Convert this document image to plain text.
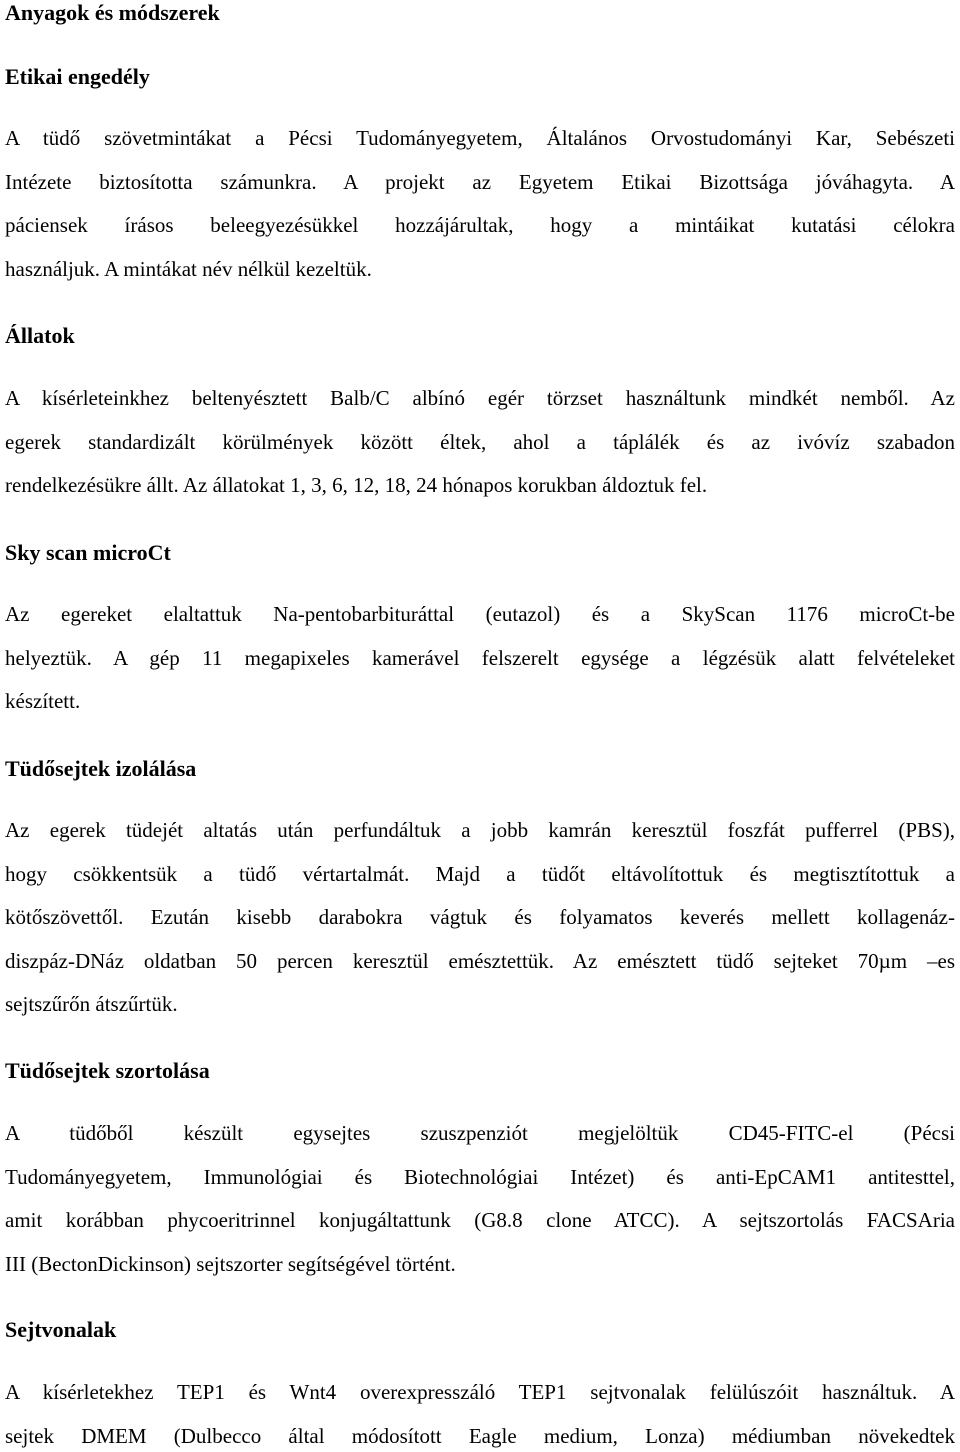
Anyagok és módszerek
Etikai engedély
A tüdő szövetmintákat a Pécsi Tudományegyetem, Általános Orvostudományi Kar, Sebészeti
Intézete biztosította számunkra. A projekt az Egyetem Etikai Bizottsága jóváhagyta. A
páciensek írásos beleegyezésükkel hozzájárultak, hogy a mintáikat kutatási célokra
használjuk. A mintákat név nélkül kezeltük.
Állatok
A kísérleteinkhez beltenyésztett Balb/C albínó egér törzset használtunk mindkét nemből. Az
egerek standardizált körülmények között éltek, ahol a táplálék és az ivóvíz szabadon
rendelkezésükre állt. Az állatokat 1, 3, 6, 12, 18, 24 hónapos korukban áldoztuk fel.
Sky scan microCt
Az egereket elaltattuk Na-pentobarbituráttal (eutazol) és a SkyScan 1176 microCt-be
helyeztük. A gép 11 megapixeles kamerável felszerelt egysége a légzésük alatt felvételeket
készített.
Tüdősejtek izolálása
Az egerek tüdejét altatás után perfundáltuk a jobb kamrán keresztül foszfát pufferrel (PBS),
hogy csökkentsük a tüdő vértartalmát. Majd a tüdőt eltávolítottuk és megtisztítottuk a
kötőszövettől. Ezután kisebb darabokra vágtuk és folyamatos keverés mellett kollagenáz-
diszpáz-DNáz oldatban 50 percen keresztül emésztettük. Az emésztett tüdő sejteket 70µm –es
sejtszűrőn átszűrtük.
Tüdősejtek szortolása
A tüdőből készült egysejtes szuszpenziót megjelöltük CD45-FITC-el (Pécsi
Tudományegyetem, Immunológiai és Biotechnológiai Intézet) és anti-EpCAM1 antitesttel,
amit korábban phycoeritrinnel konjugáltattunk (G8.8 clone ATCC). A sejtszortolás FACSAria
III (BectonDickinson) sejtszorter segítségével történt.
Sejtvonalak
A kísérletekhez TEP1 és Wnt4 overexpresszáló TEP1 sejtvonalak felülúszóit használtuk. A
sejtek DMEM (Dulbecco által módosított Eagle medium, Lonza) médiumban növekedtek
